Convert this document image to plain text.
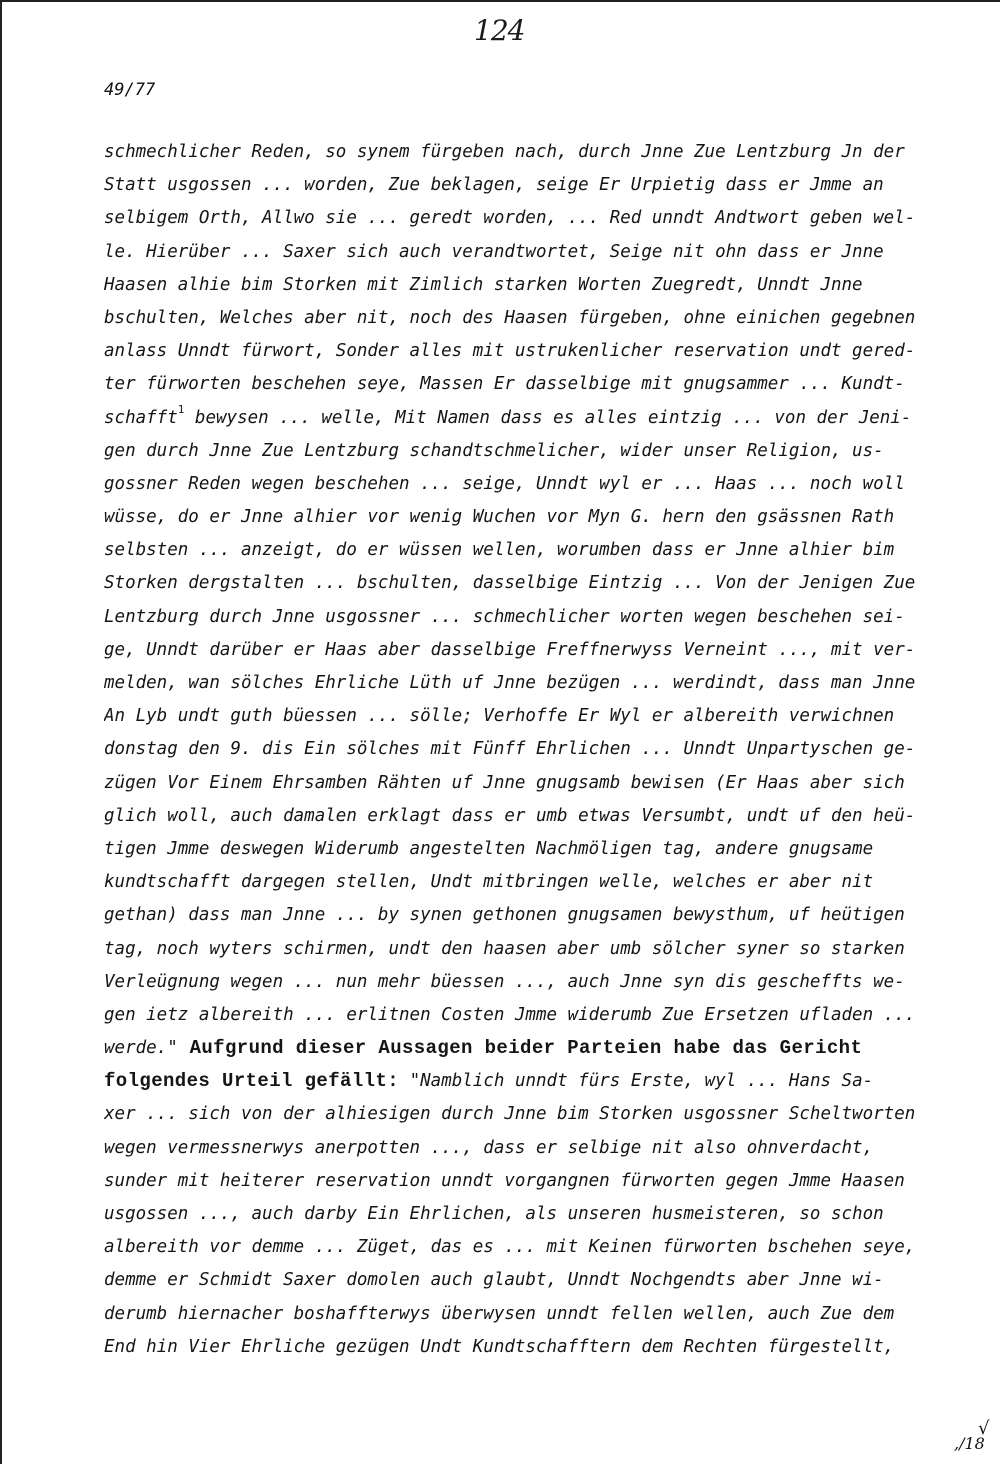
124
49/77
schmechlicher Reden, so synem fürgeben nach, durch Jnne Zue Lentzburg Jn der
Statt usgossen ... worden, Zue beklagen, seige Er Urpietig dass er Jmme an
selbigem Orth, Allwo sie ... geredt worden, ... Red unndt Andtwort geben wel-
le. Hierüber ... Saxer sich auch verandtwortet, Seige nit ohn dass er Jnne
Haasen alhie bim Storken mit Zimlich starken Worten Zuegredt, Unndt Jnne
bschulten, Welches aber nit, noch des Haasen fürgeben, ohne einichen gegebnen
anlass Unndt fürwort, Sonder alles mit ustrukenlicher reservation undt gered-
ter fürworten beschehen seye, Massen Er dasselbige mit gnugsammer ... Kundt-
schafft$^1$ bewysen ... welle, Mit Namen dass es alles eintzig ... von der Jeni-
gen durch Jnne Zue Lentzburg schandtschmelicher, wider unser Religion, us-
gossner Reden wegen beschehen ... seige, Unndt wyl er ... Haas ... noch woll
wüsse, do er Jnne alhier vor wenig Wuchen vor Myn G. hern den gsässnen Rath
selbsten ... anzeigt, do er wüssen wellen, worumben dass er Jnne alhier bim
Storken dergstalten ... bschulten, dasselbige Eintzig ... Von der Jenigen Zue
Lentzburg durch Jnne usgossner ... schmechlicher worten wegen beschehen sei-
ge, Unndt darüber er Haas aber dasselbige Freffnerwyss Verneint ..., mit ver-
melden, wan sölches Ehrliche Lüth uf Jnne bezügen ... werdindt, dass man Jnne
An Lyb undt guth büessen ... sölle; Verhoffe Er Wyl er albereith verwichnen
donstag den 9. dis Ein sölches mit Fünff Ehrlichen ... Unndt Unpartyschen ge-
zügen Vor Einem Ehrsamben Rähten uf Jnne gnugsamb bewisen (Er Haas aber sich
glich woll, auch damalen erklagt dass er umb etwas Versumbt, undt uf den heü-
tigen Jmme deswegen Widerumb angestelten Nachmöligen tag, andere gnugsame
kundtschafft dargegen stellen, Undt mitbringen welle, welches er aber nit
gethan) dass man Jnne ... by synen gethonen gnugsamen bewysthum, uf heütigen
tag, noch wyters schirmen, undt den haasen aber umb sölcher syner so starken
Verleügnung wegen ... nun mehr büessen ..., auch Jnne syn dis gescheffts we-
gen ietz albereith ... erlitnen Costen Jmme widerumb Zue Ersetzen ufladen ...
werde." Aufgrund dieser Aussagen beider Parteien habe das Gericht
folgendes Urteil gefällt: "Namblich unndt fürs Erste, wyl ... Hans Sa-
xer ... sich von der alhiesigen durch Jnne bim Storken usgossner Scheltworten
wegen vermessnerwys anerpotten ..., dass er selbige nit also ohnverdacht,
sunder mit heiterer reservation unndt vorgangnen fürworten gegen Jmme Haasen
usgossen ..., auch darby Ein Ehrlichen, als unseren husmeisteren, so schon
albereith vor demme ... Züget, das es ... mit Keinen fürworten bschehen seye,
demme er Schmidt Saxer domolen auch glaubt, Unndt Nochgendts aber Jnne wi-
derumb hiernacher boshaffterwys überwysen unndt fellen wellen, auch Zue dem
End hin Vier Ehrliche gezügen Undt Kundtschafftern dem Rechten fürgestellt,
√
,/18
